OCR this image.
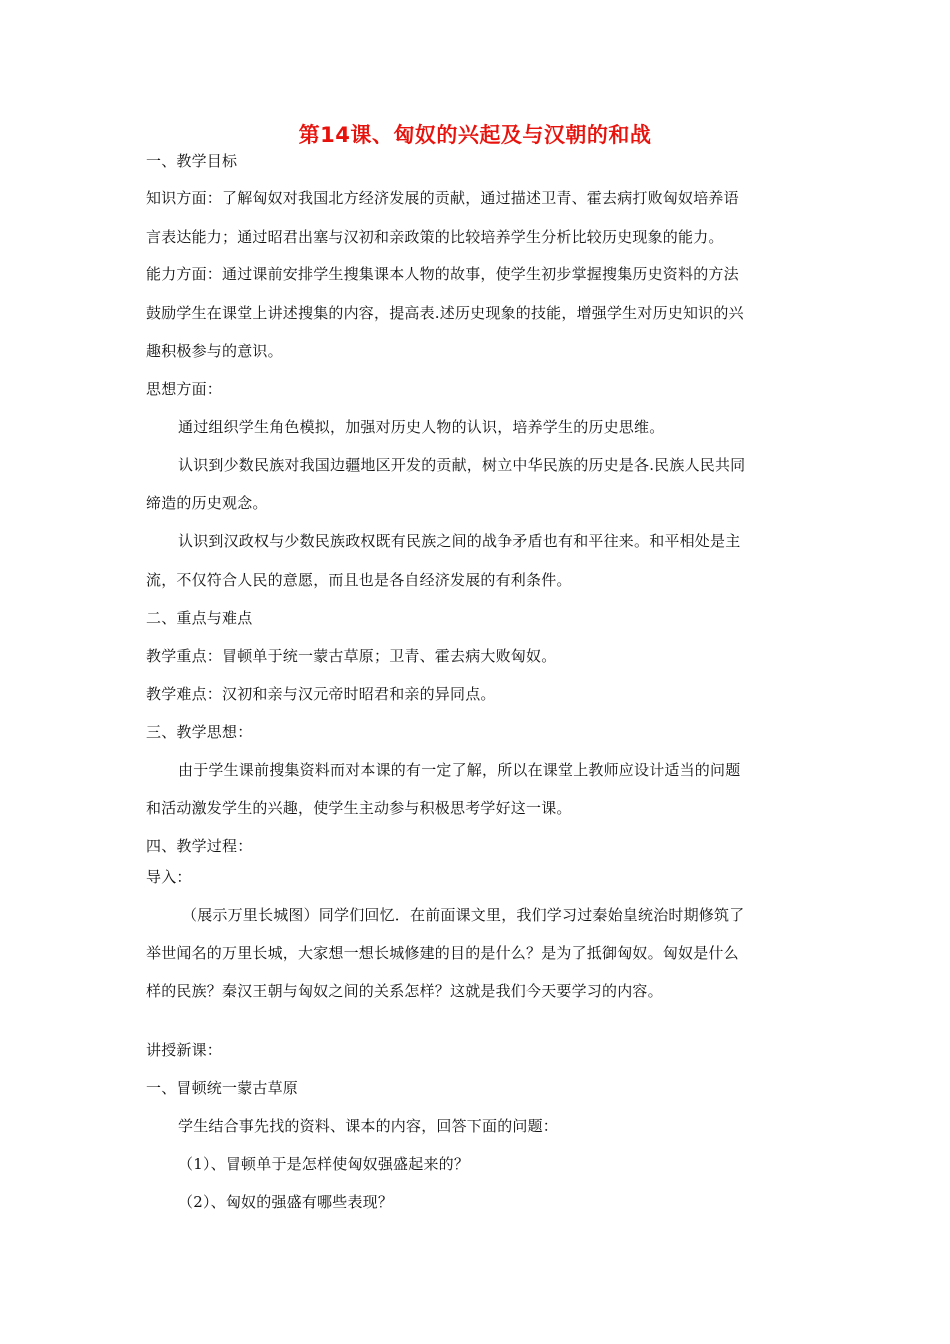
第14课、匈奴的兴起及与汉朝的和战
一、教学目标
知识方面：了解匈奴对我国北方经济发展的贡献，通过描述卫青、霍去病打败匈奴培养语
言表达能力；通过昭君出塞与汉初和亲政策的比较培养学生分析比较历史现象的能力。
能力方面：通过课前安排学生搜集课本人物的故事，使学生初步掌握搜集历史资料的方法
鼓励学生在课堂上讲述搜集的内容，提高表.述历史现象的技能，增强学生对历史知识的兴
趣积极参与的意识。
思想方面：
通过组织学生角色模拟，加强对历史人物的认识，培养学生的历史思维。
认识到少数民族对我国边疆地区开发的贡献，树立中华民族的历史是各.民族人民共同
缔造的历史观念。
认识到汉政权与少数民族政权既有民族之间的战争矛盾也有和平往来。和平相处是主
流，不仅符合人民的意愿，而且也是各自经济发展的有利条件。
二、重点与难点
教学重点：冒顿单于统一蒙古草原；卫青、霍去病大败匈奴。
教学难点：汉初和亲与汉元帝时昭君和亲的异同点。
三、教学思想：
由于学生课前搜集资料而对本课的有一定了解，所以在课堂上教师应设计适当的问题
和活动激发学生的兴趣，使学生主动参与积极思考学好这一课。
四、教学过程：
导入：
（展示万里长城图）同学们回忆．在前面课文里，我们学习过秦始皇统治时期修筑了
举世闻名的万里长城，大家想一想长城修建的目的是什么？是为了抵御匈奴。匈奴是什么
样的民族？秦汉王朝与匈奴之间的关系怎样？这就是我们今天要学习的内容。
讲授新课：
一、冒顿统一蒙古草原
学生结合事先找的资料、课本的内容，回答下面的问题：
（1）、冒顿单于是怎样使匈奴强盛起来的？
（2）、匈奴的强盛有哪些表现？
